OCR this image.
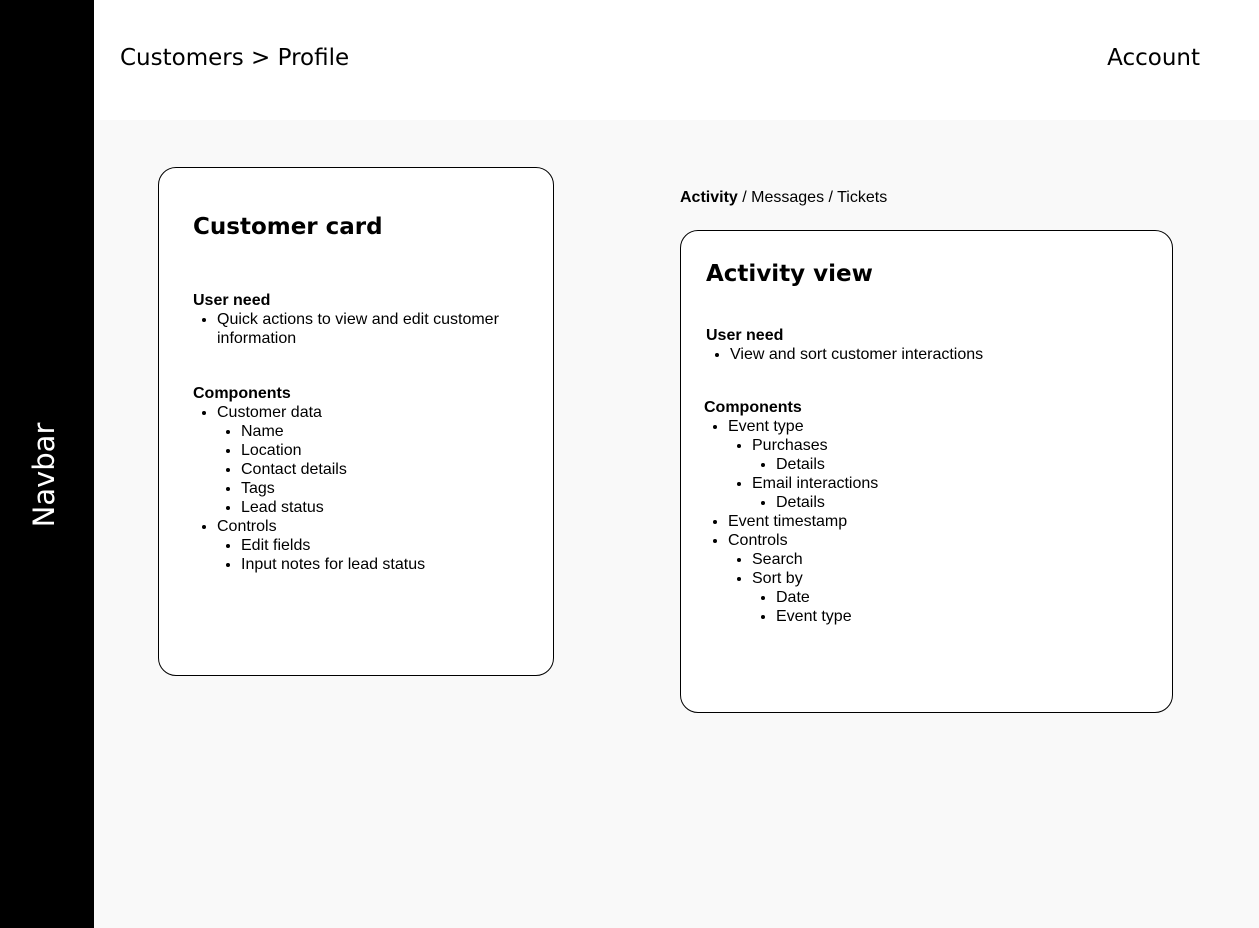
Navbar
Customers > Profile	Account
Customer card
User need
• Quick actions to view and edit customer information
Components
• Customer data
• Name
• Location
• Contact details
• Tags
• Lead status
• Controls
• Edit fields
• Input notes for lead status
Activity / Messages / Tickets
Activity view
User need
• View and sort customer interactions
Components
• Event type
• Purchases
• Details
• Email interactions
• Details
• Event timestamp
• Controls
• Search
• Sort by
• Date
• Event type
